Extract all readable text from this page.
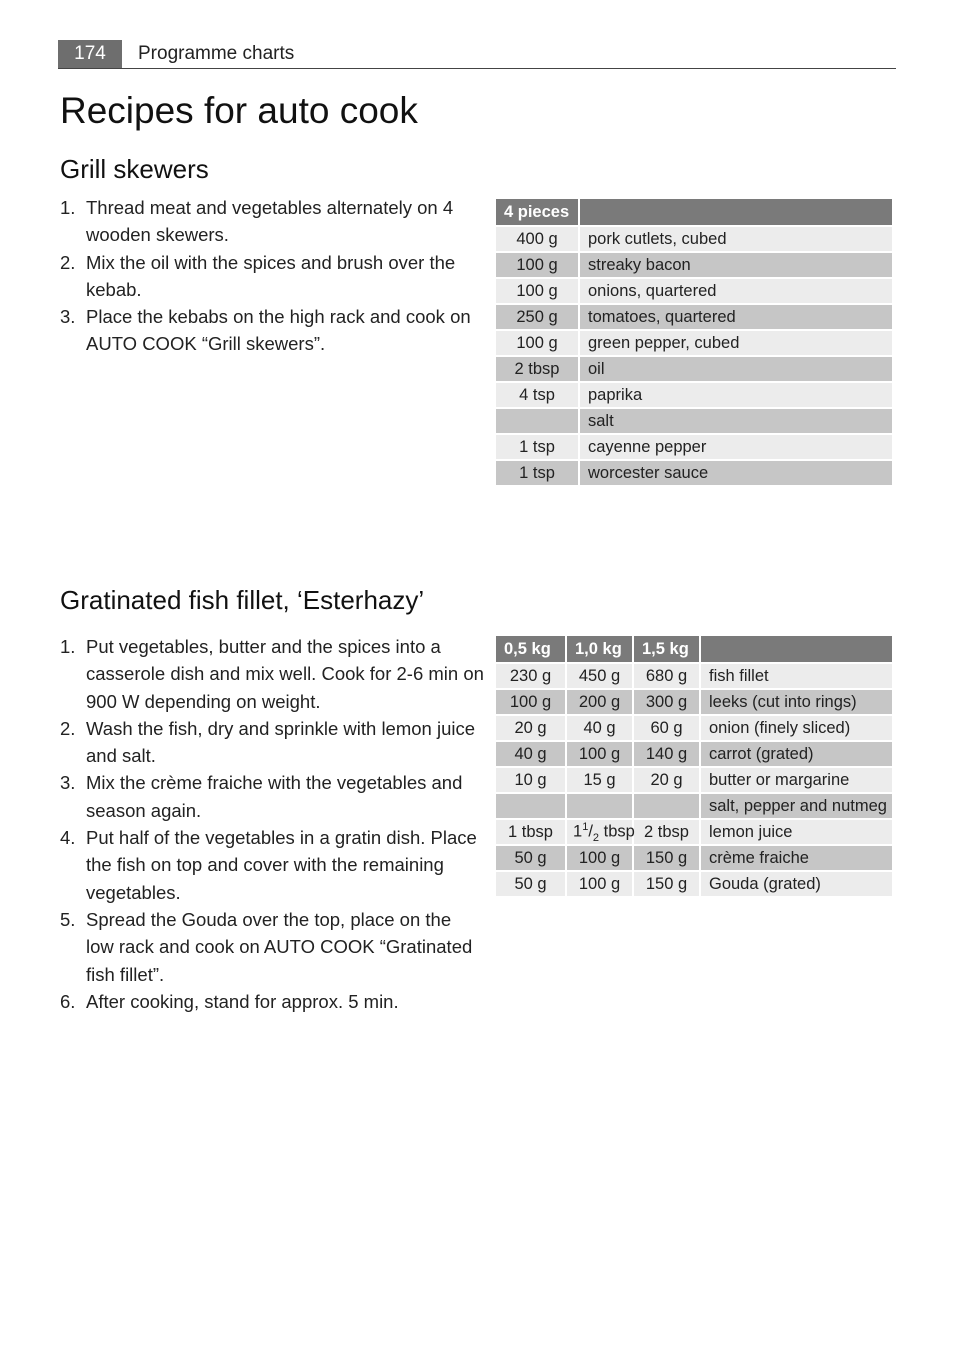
174	Programme charts
Recipes for auto cook
Grill skewers
1. Thread meat and vegetables alternately on 4 wooden skewers.
2. Mix the oil with the spices and brush over the kebab.
3. Place the kebabs on the high rack and cook on AUTO COOK “Grill skewers”.
4 pieces	
400 g	pork cutlets, cubed
100 g	streaky bacon
100 g	onions, quartered
250 g	tomatoes, quartered
100 g	green pepper, cubed
2 tbsp	oil
4 tsp	paprika
	salt
1 tsp	cayenne pepper
1 tsp	worcester sauce
Gratinated fish fillet, ‘Esterhazy’
1. Put vegetables, butter and the spices into a casserole dish and mix well. Cook for 2-6 min on 900 W depending on weight.
2. Wash the fish, dry and sprinkle with lemon juice and salt.
3. Mix the crème fraiche with the vegetables and season again.
4. Put half of the vegetables in a gratin dish. Place the fish on top and cover with the remaining vegetables.
5. Spread the Gouda over the top, place on the low rack and cook on AUTO COOK “Gratinated fish fillet”.
6. After cooking, stand for approx. 5 min.
0,5 kg	1,0 kg	1,5 kg	
230 g	450 g	680 g	fish fillet
100 g	200 g	300 g	leeks (cut into rings)
20 g	40 g	60 g	onion (finely sliced)
40 g	100 g	140 g	carrot (grated)
10 g	15 g	20 g	butter or margarine
			salt, pepper and nutmeg
1 tbsp	$1^1/_2$ tbsp	2 tbsp	lemon juice
50 g	100 g	150 g	crème fraiche
50 g	100 g	150 g	Gouda (grated)
